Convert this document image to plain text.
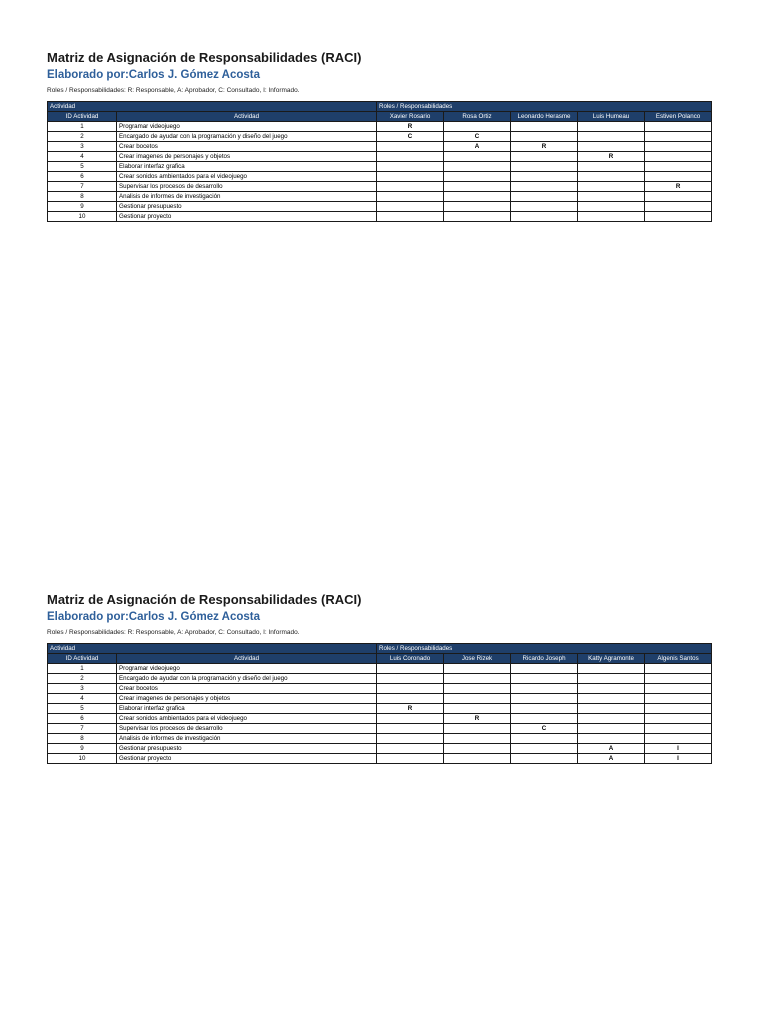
Matriz de Asignación de Responsabilidades (RACI)
Elaborado por:Carlos J. Gómez Acosta
Roles / Responsabilidades: R: Responsable, A: Aprobador, C: Consultado, I: Informado.
Actividad		Roles / Responsabilidades				
ID Actividad	Actividad	Xavier Rosario	Rosa Ortiz	Leonardo Herasme	Luis Humeau	Estiven Polanco
1	Programar videojuego	R				
2	Encargado de ayudar con la programación y diseño del juego	C	C			
3	Crear bocetos		A	R		
4	Crear imagenes de personajes y objetos				R	
5	Elaborar interfaz grafica					
6	Crear sonidos ambientados para el videojuego					
7	Supervisar los procesos de desarrollo					R
8	Analisis de informes de investigación					
9	Gestionar presupuesto					
10	Gestionar proyecto					
Matriz de Asignación de Responsabilidades (RACI)
Elaborado por:Carlos J. Gómez Acosta
Roles / Responsabilidades: R: Responsable, A: Aprobador, C: Consultado, I: Informado.
Actividad		Roles / Responsabilidades				
ID Actividad	Actividad	Luis Coronado	Jose Rizek	Ricardo Joseph	Katty Agramonte	Algenis Santos
1	Programar videojuego					
2	Encargado de ayudar con la programación y diseño del juego					
3	Crear bocetos					
4	Crear imagenes de personajes y objetos					
5	Elaborar interfaz grafica	R				
6	Crear sonidos ambientados para el videojuego		R			
7	Supervisar los procesos de desarrollo			C		
8	Analisis de informes de investigación					
9	Gestionar presupuesto				A	I
10	Gestionar proyecto				A	I
